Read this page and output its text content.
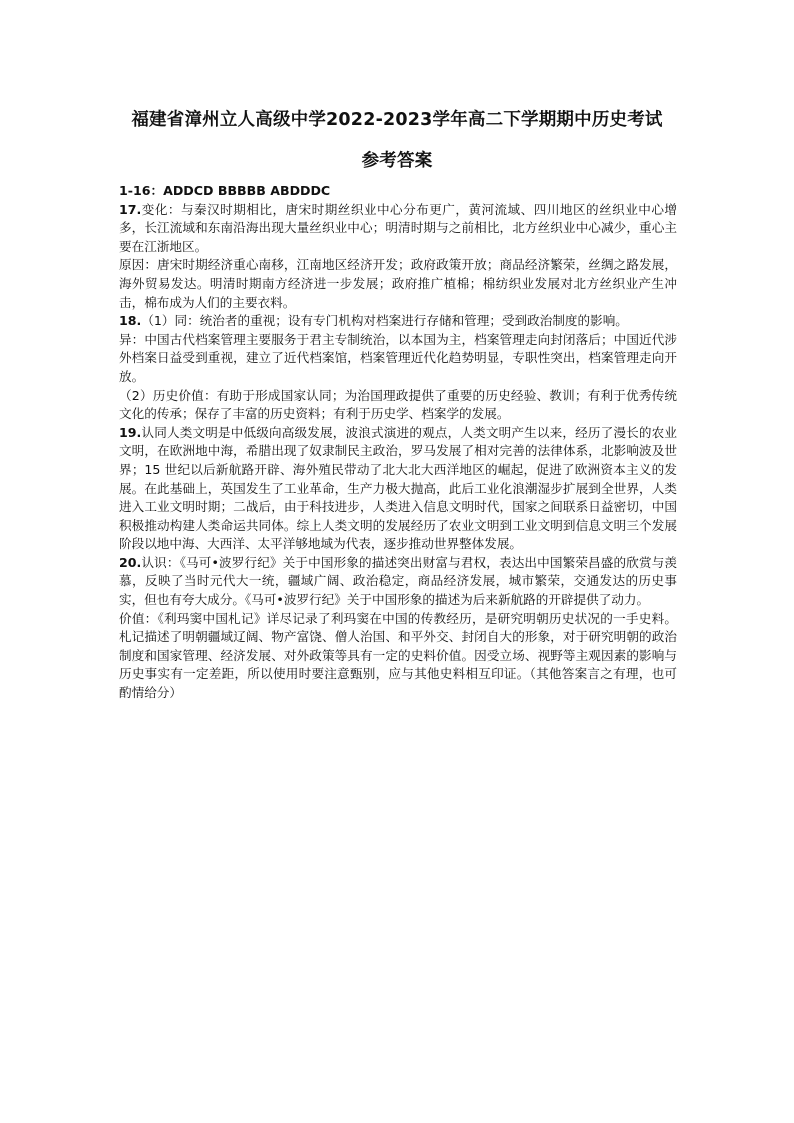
福建省漳州立人高级中学2022-2023学年高二下学期期中历史考试
参考答案

1-16：ADDCD BBBBB ABDDDC

17.变化：与秦汉时期相比，唐宋时期丝织业中心分布更广，黄河流域、四川地区的丝织业中心增多，长江流域和东南沿海出现大量丝织业中心；明清时期与之前相比，北方丝织业中心减少，重心主要在江浙地区。

原因：唐宋时期经济重心南移，江南地区经济开发；政府政策开放；商品经济繁荣，丝绸之路发展，海外贸易发达。明清时期南方经济进一步发展；政府推广植棉；棉纺织业发展对北方丝织业产生冲击，棉布成为人们的主要衣料。

18.（1）同：统治者的重视；设有专门机构对档案进行存储和管理；受到政治制度的影响。

异：中国古代档案管理主要服务于君主专制统治，以本国为主，档案管理走向封闭落后；中国近代涉外档案日益受到重视，建立了近代档案馆，档案管理近代化趋势明显，专职性突出，档案管理走向开放。

（2）历史价值：有助于形成国家认同；为治国理政提供了重要的历史经验、教训；有利于优秀传统文化的传承；保存了丰富的历史资料；有利于历史学、档案学的发展。

19.认同人类文明是中低级向高级发展，波浪式演进的观点，人类文明产生以来，经历了漫长的农业文明，在欧洲地中海，希腊出现了奴隶制民主政治，罗马发展了相对完善的法律体系，北影响波及世界；15 世纪以后新航路开辟、海外殖民带动了北大北大西洋地区的崛起，促进了欧洲资本主义的发展。在此基础上，英国发生了工业革命，生产力极大抛高，此后工业化浪潮湿步扩展到全世界，人类进入工业文明时期；二战后，由于科技进步，人类进入信息文明时代，国家之间联系日益密切，中国积极推动构建人类命运共同体。综上人类文明的发展经历了农业文明到工业文明到信息文明三个发展阶段以地中海、大西洋、太平洋够地域为代表，逐步推动世界整体发展。

20.认识：《马可•波罗行纪》关于中国形象的描述突出财富与君权，表达出中国繁荣昌盛的欣赏与羡慕，反映了当时元代大一统，疆域广阔、政治稳定，商品经济发展，城市繁荣，交通发达的历史事实，但也有夸大成分。《马可•波罗行纪》关于中国形象的描述为后来新航路的开辟提供了动力。

价值：《利玛窦中国札记》详尽记录了利玛窦在中国的传教经历，是研究明朝历史状况的一手史料。札记描述了明朝疆域辽阔、物产富饶、僧人治国、和平外交、封闭自大的形象，对于研究明朝的政治制度和国家管理、经济发展、对外政策等具有一定的史料价值。因受立场、视野等主观因素的影响与历史事实有一定差距，所以使用时要注意甄别，应与其他史料相互印证。（其他答案言之有理，也可酌情给分）
